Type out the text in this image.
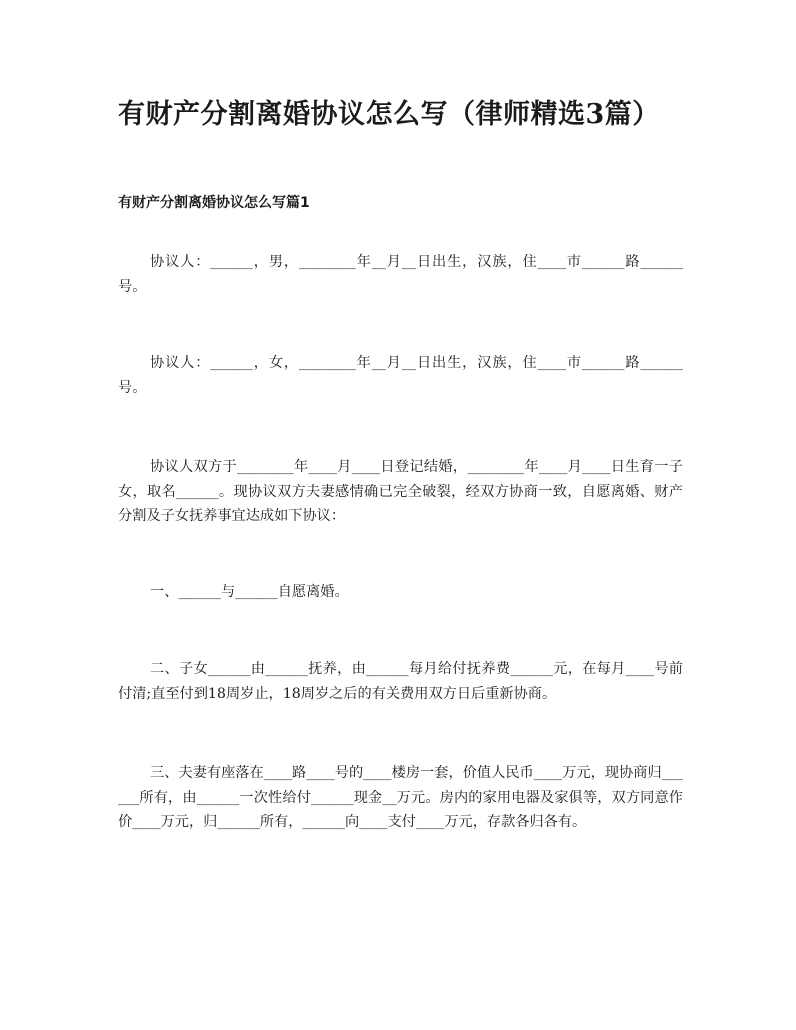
有财产分割离婚协议怎么写（律师精选3篇）

有财产分割离婚协议怎么写篇1

协议人：______，男，________年__月__日出生，汉族，住____市______路______号。

协议人：______，女，________年__月__日出生，汉族，住____市______路______号。

协议人双方于________年____月____日登记结婚，________年____月____日生育一子女，取名______。现协议双方夫妻感情确已完全破裂，经双方协商一致，自愿离婚、财产分割及子女抚养事宜达成如下协议：

一、______与______自愿离婚。

二、子女______由______抚养，由______每月给付抚养费______元，在每月____号前付清;直至付到18周岁止，18周岁之后的有关费用双方日后重新协商。

三、夫妻有座落在____路____号的____楼房一套，价值人民币____万元，现协商归______所有，由______一次性给付______现金__万元。房内的家用电器及家俱等，双方同意作价____万元，归______所有，______向____支付____万元，存款各归各有。
